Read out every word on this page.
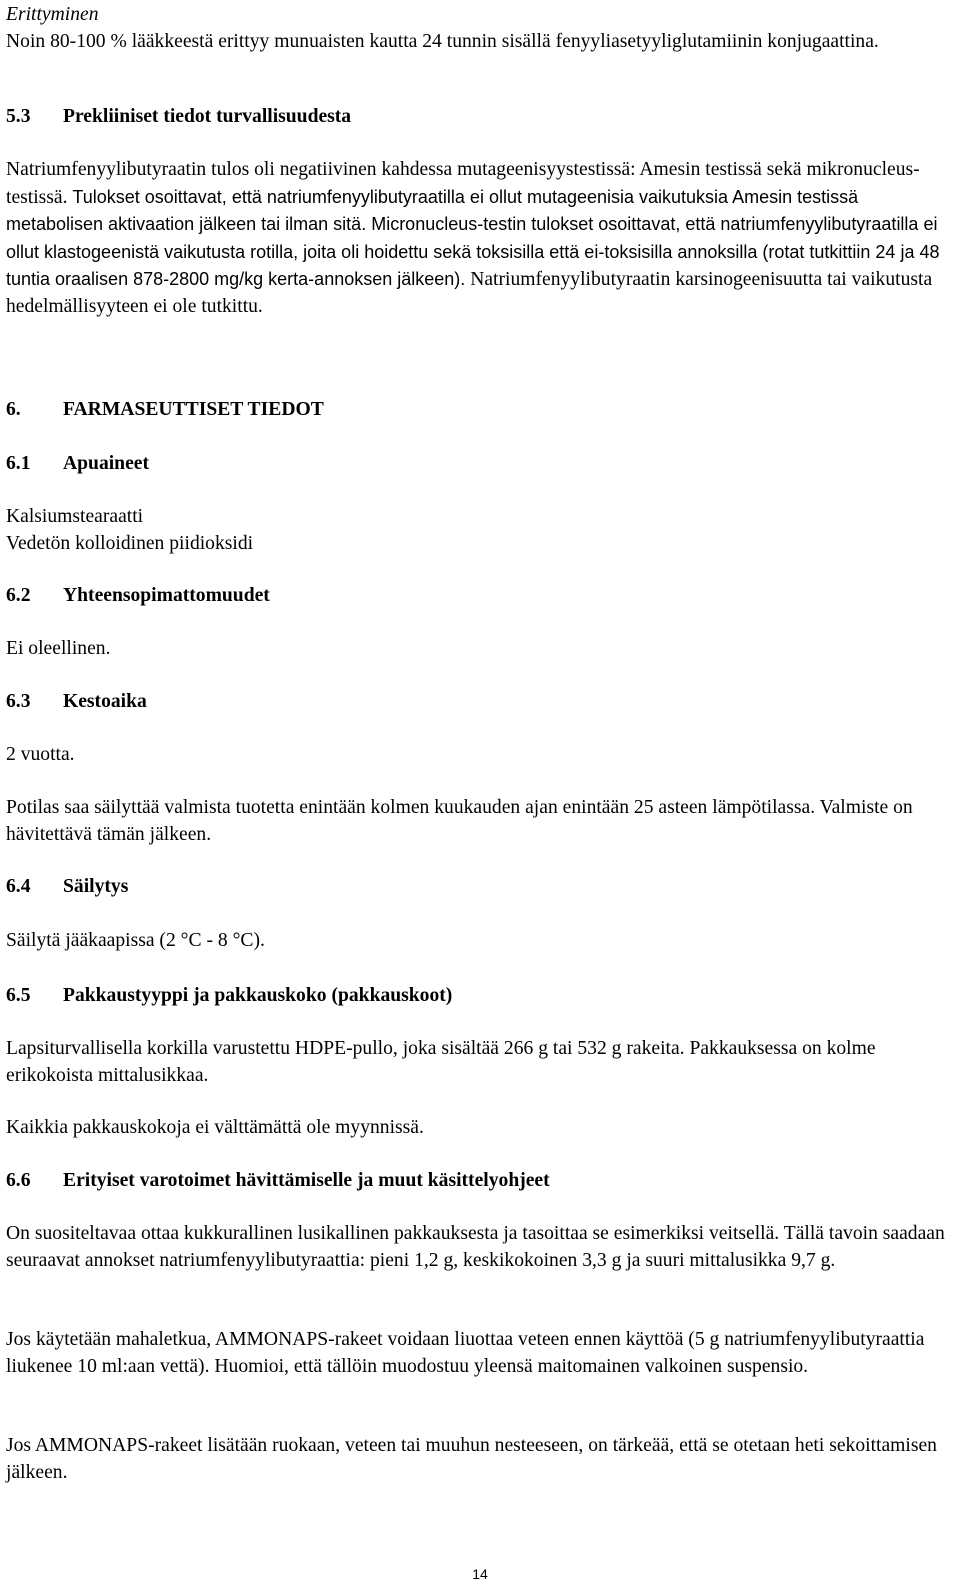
Erittyminen
Noin 80-100 % lääkkeestä erittyy munuaisten kautta 24 tunnin sisällä fenyyliasetyyliglutamiinin konjugaattina.
5.3 Prekliiniset tiedot turvallisuudesta
Natriumfenyylibutyraatin tulos oli negatiivinen kahdessa mutageenisyystestissä: Amesin testissä sekä mikronucleus-testissä. Tulokset osoittavat, että natriumfenyylibutyraatilla ei ollut mutageenisia vaikutuksia Amesin testissä metabolisen aktivaation jälkeen tai ilman sitä. Micronucleus-testin tulokset osoittavat, että natriumfenyylibutyraatilla ei ollut klastogeenistä vaikutusta rotilla, joita oli hoidettu sekä toksisilla että ei-toksisilla annoksilla (rotat tutkittiin 24 ja 48 tuntia oraalisen 878-2800 mg/kg kerta-annoksen jälkeen). Natriumfenyylibutyraatin karsinogeenisuutta tai vaikutusta hedelmällisyyteen ei ole tutkittu.
6. FARMASEUTTISET TIEDOT
6.1 Apuaineet
Kalsiumstearaatti
Vedetön kolloidinen piidioksidi
6.2 Yhteensopimattomuudet
Ei oleellinen.
6.3 Kestoaika
2 vuotta.
Potilas saa säilyttää valmista tuotetta enintään kolmen kuukauden ajan enintään 25 asteen lämpötilassa. Valmiste on hävitettävä tämän jälkeen.
6.4 Säilytys
Säilytä jääkaapissa (2 °C - 8 °C).
6.5 Pakkaustyyppi ja pakkauskoko (pakkauskoot)
Lapsiturvallisella korkilla varustettu HDPE-pullo, joka sisältää 266 g tai 532 g rakeita. Pakkauksessa on kolme erikokoista mittalusikkaa.
Kaikkia pakkauskokoja ei välttämättä ole myynnissä.
6.6 Erityiset varotoimet hävittämiselle ja muut käsittelyohjeet
On suositeltavaa ottaa kukkurallinen lusikallinen pakkauksesta ja tasoittaa se esimerkiksi veitsellä. Tällä tavoin saadaan seuraavat annokset natriumfenyylibutyraattia: pieni 1,2 g, keskikokoinen 3,3 g ja suuri mittalusikka 9,7 g.
Jos käytetään mahaletkua, AMMONAPS-rakeet voidaan liuottaa veteen ennen käyttöä (5 g natriumfenyylibutyraattia liukenee 10 ml:aan vettä). Huomioi, että tällöin muodostuu yleensä maitomainen valkoinen suspensio.
Jos AMMONAPS-rakeet lisätään ruokaan, veteen tai muuhun nesteeseen, on tärkeää, että se otetaan heti sekoittamisen jälkeen.
14
